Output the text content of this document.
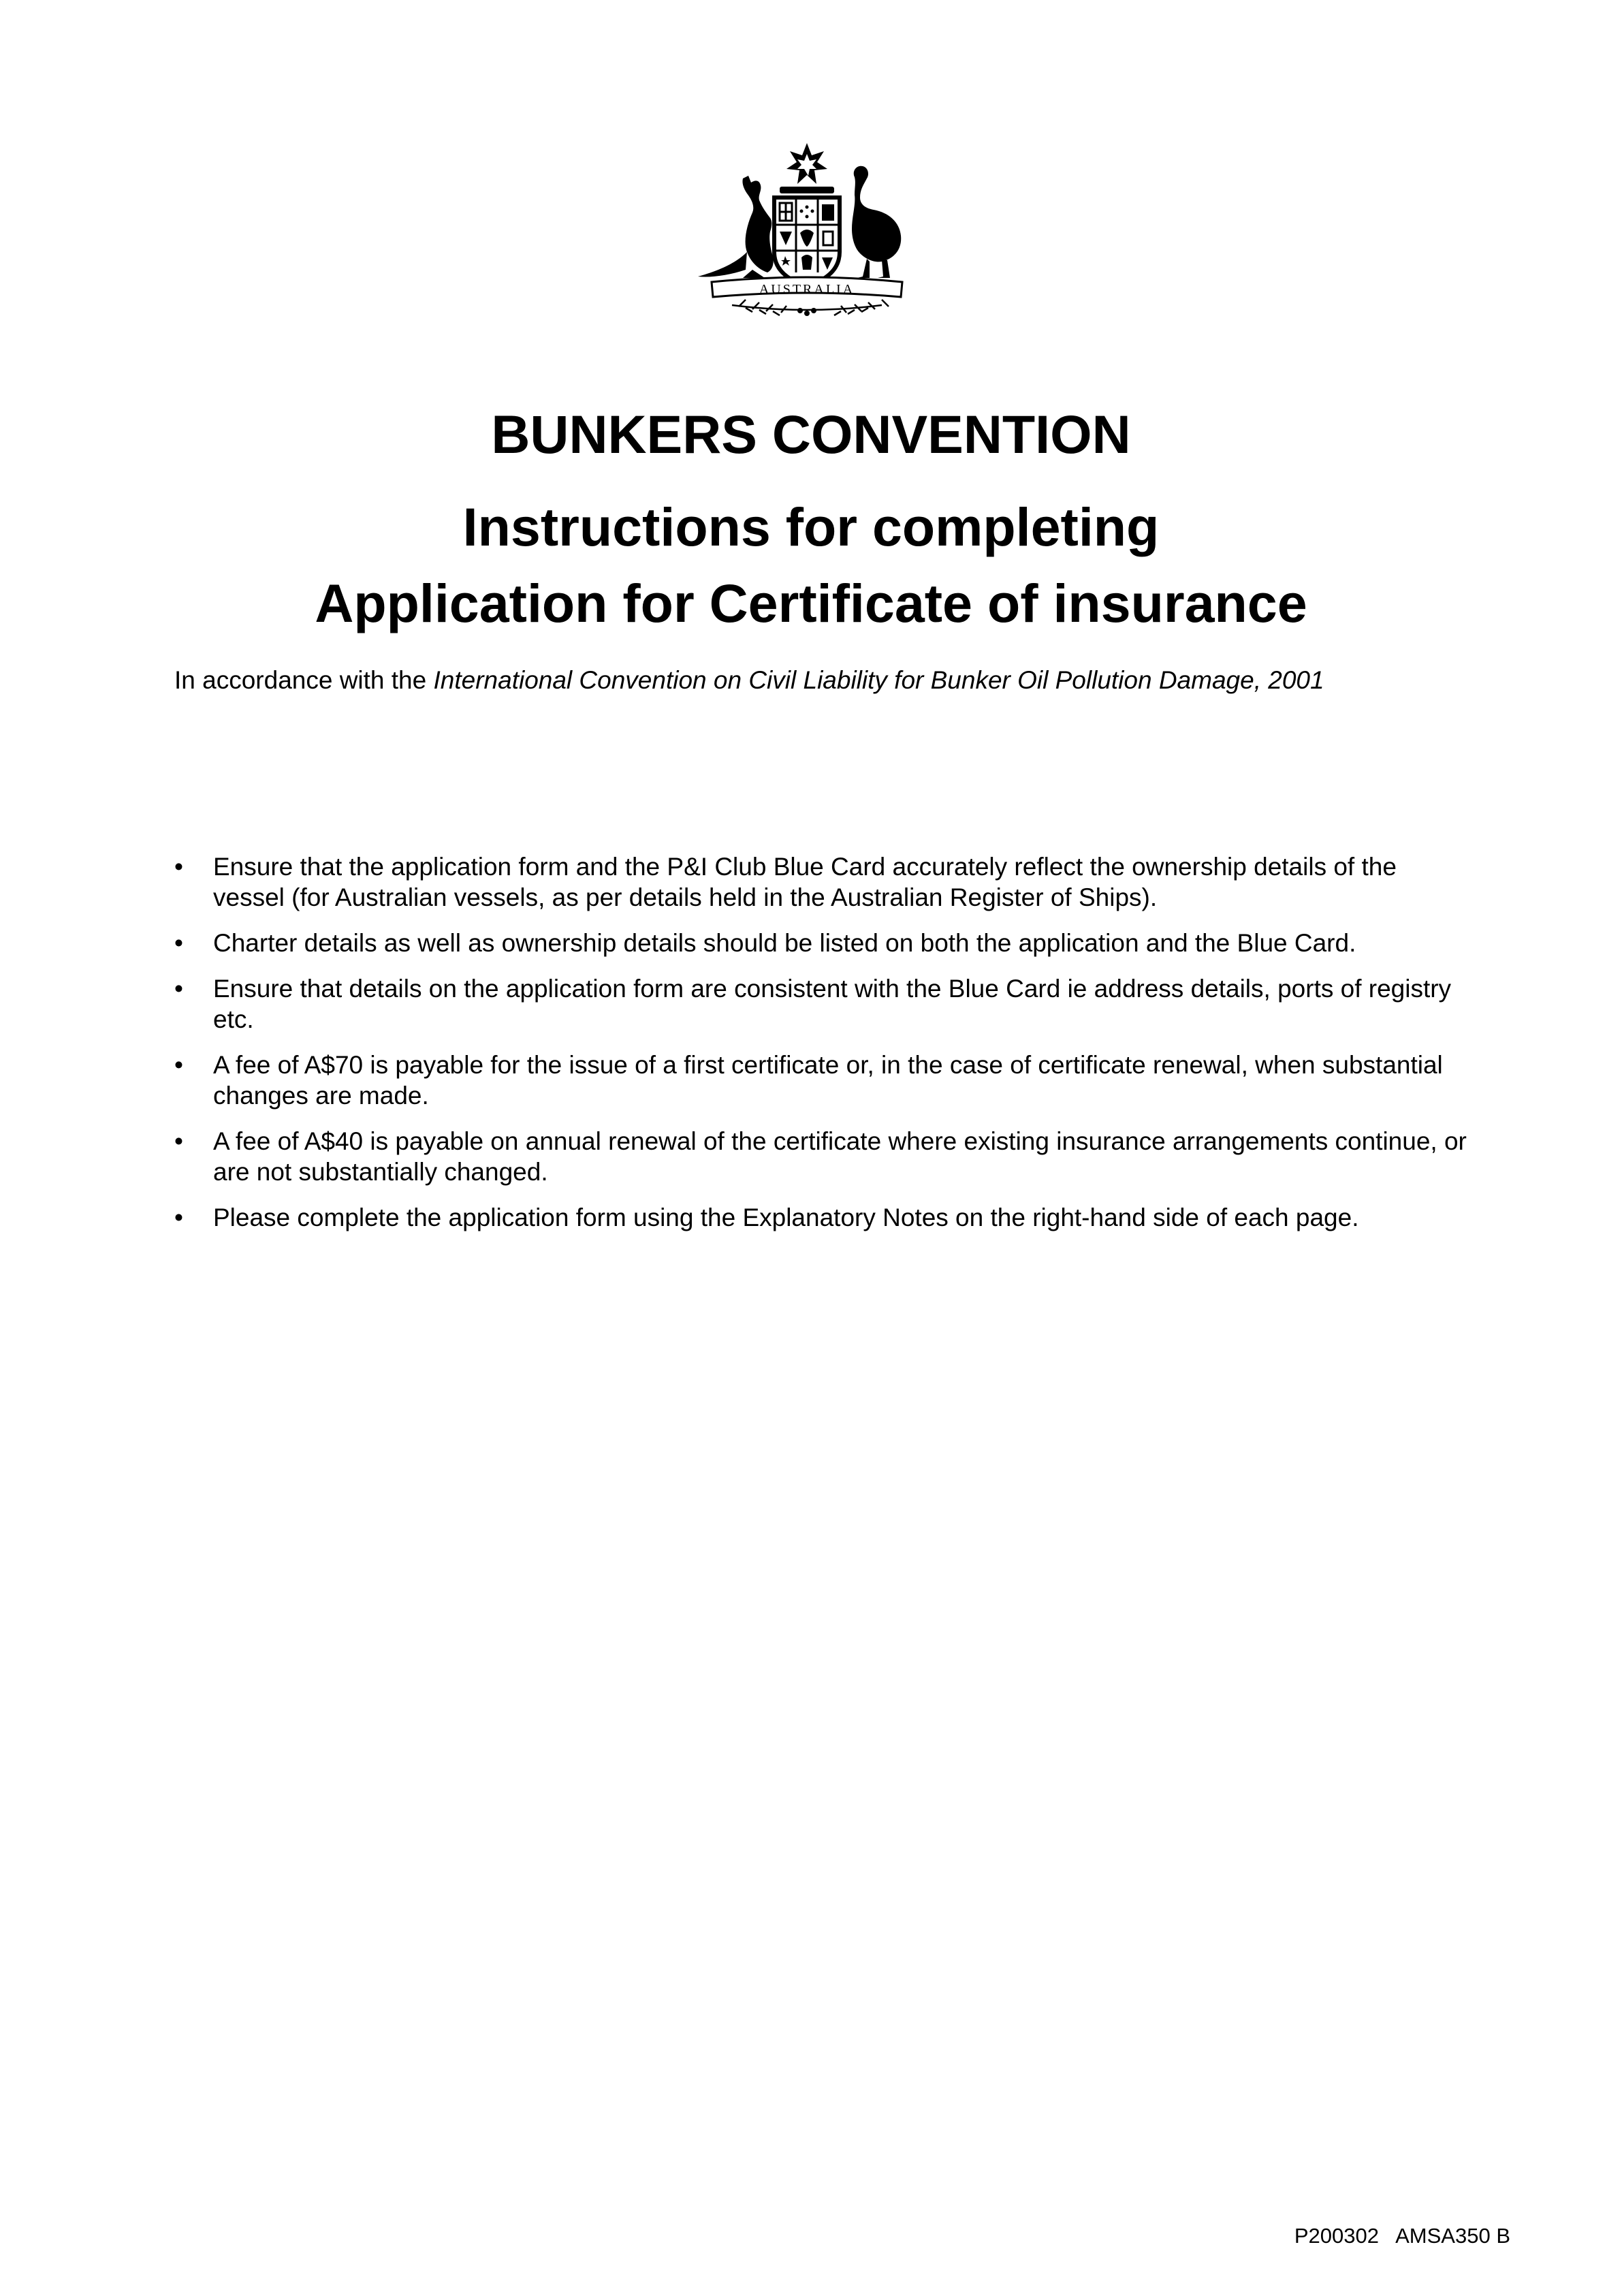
AUSTRALIA
BUNKERS CONVENTION
Instructions for completing
Application for Certificate of insurance

In accordance with the International Convention on Civil Liability for Bunker Oil Pollution Damage, 2001

• Ensure that the application form and the P&I Club Blue Card accurately reflect the ownership details of the vessel (for Australian vessels, as per details held in the Australian Register of Ships).
• Charter details as well as ownership details should be listed on both the application and the Blue Card.
• Ensure that details on the application form are consistent with the Blue Card ie address details, ports of registry etc.
• A fee of A$70 is payable for the issue of a first certificate or, in the case of certificate renewal, when substantial changes are made.
• A fee of A$40 is payable on annual renewal of the certificate where existing insurance arrangements continue, or are not substantially changed.
• Please complete the application form using the Explanatory Notes on the right-hand side of each page.
P200302   AMSA350 B
